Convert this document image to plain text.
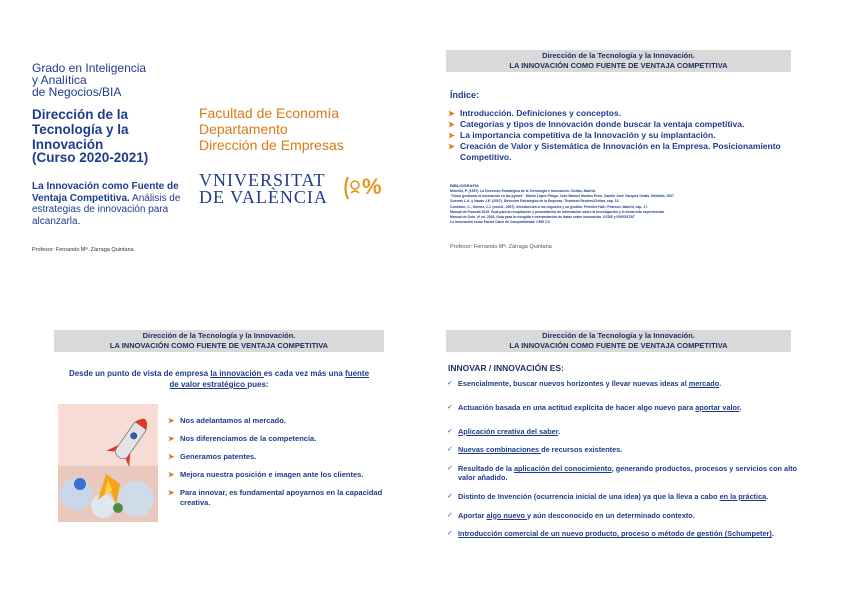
Grado en Inteligencia
y Analítica
de Negocios/BIA
Dirección de la
Tecnología y la
Innovación
(Curso 2020-2021)
Facultad de Economía
Departamento
Dirección de Empresas
VNIVERSITAT
DE VALÈNCIA	%
La Innovación como Fuente de Ventaja Competitiva. Análisis de estrategias de innovación para alcanzarla.
Profesor: Fernando Mª. Zárraga Quintana
Dirección de la Tecnología y la Innovación.
LA INNOVACIÓN COMO FUENTE DE VENTAJA COMPETITIVA
Índice:
➤ Introducción. Definiciones y conceptos.
➤ Categorías y tipos de Innovación donde buscar la ventaja competitiva.
➤ La importancia competitiva de la Innovación y su implantación.
➤ Creación de Valor y Sistemática de Innovación en la Empresa. Posicionamiento Competitivo.
BIBLIOGRAFÍA
Morcillo, P. (1997). La Dirección Estratégica de la Tecnología e Innovación. Civitas, Madrid.
"Cómo gestionar la innovación en las pymes". Martín López Pliego, José Manuel Montes Peón, Camilo José Vázquez Ordás. Netbiblo, 2007
Guerras L.A. y Navas J.E. (2007). Dirección Estratégica de la Empresa. Thomson Reuters/Civitas, cap. 10.
Comisión, C., Gómez, J.J. (coord., 2007). Introducción a los negocios y su gestión. Prentice Hall / Pearson, Madrid, cap. 17.
Manual de Frascati 2015. Guía para la recopilación y presentación de información sobre la investigación y el desarrollo experimental
Manual de Oslo. 4ª ed. 2018. Guía para la recogida e interpretación de datos sobre innovación. OCDE y EUROSTAT
La Innovación como Factor Clave de Competitividad. CEEI CV.
Profesor: Fernando Mª. Zárraga Quintana
Dirección de la Tecnología y la Innovación.
LA INNOVACIÓN COMO FUENTE DE VENTAJA COMPETITIVA
Desde un punto de vista de empresa la innovación es cada vez más una fuente de valor estratégico pues:
➤ Nos adelantamos al mercado.
➤ Nos diferenciamos de la competencia.
➤ Generamos patentes.
➤ Mejora nuestra posición e imagen ante los clientes.
➤ Para innovar, es fundamental apoyarnos en la capacidad creativa.
Dirección de la Tecnología y la Innovación.
LA INNOVACIÓN COMO FUENTE DE VENTAJA COMPETITIVA
INNOVAR / INNOVACIÓN ES:
✓ Esencialmente, buscar nuevos horizontes y llevar nuevas ideas al mercado.
✓ Actuación basada en una actitud explícita de hacer algo nuevo para aportar valor.
✓ Aplicación creativa del saber.
✓ Nuevas combinaciones de recursos existentes.
✓ Resultado de la aplicación del conocimiento, generando productos, procesos y servicios con alto valor añadido.
✓ Distinto de Invención (ocurrencia inicial de una idea) ya que la lleva a cabo en la práctica.
✓ Aportar algo nuevo y aún desconocido en un determinado contexto.
✓ Introducción comercial de un nuevo producto, proceso o método de gestión (Schumpeter).
